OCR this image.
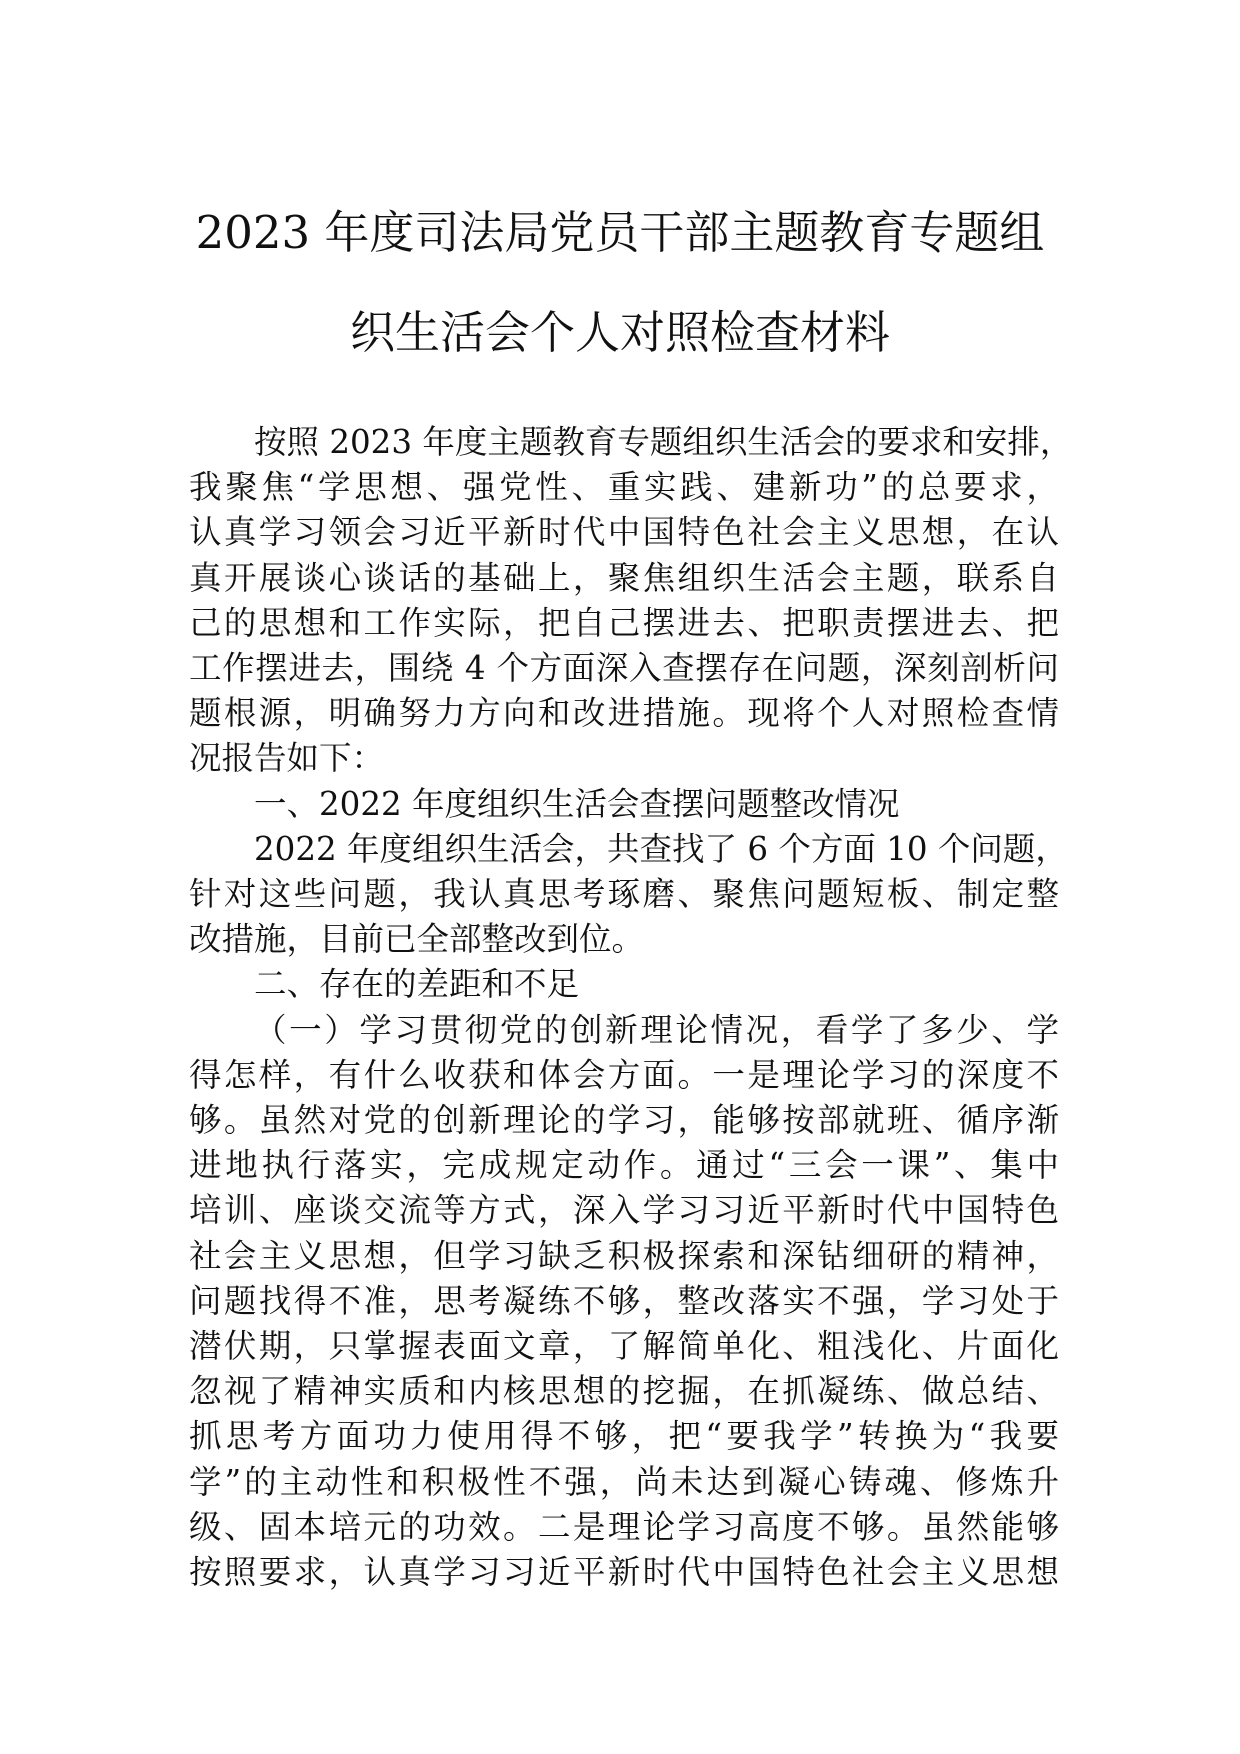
2023 年度司法局党员干部主题教育专题组
织生活会个人对照检查材料

按照 2023 年度主题教育专题组织生活会的要求和安排，
我聚焦“学思想、强党性、重实践、建新功”的总要求，
认真学习领会习近平新时代中国特色社会主义思想，在认
真开展谈心谈话的基础上，聚焦组织生活会主题，联系自
己的思想和工作实际，把自己摆进去、把职责摆进去、把
工作摆进去，围绕 4 个方面深入查摆存在问题，深刻剖析问
题根源，明确努力方向和改进措施。现将个人对照检查情
况报告如下：

一、2022 年度组织生活会查摆问题整改情况

2022 年度组织生活会，共查找了 6 个方面 10 个问题，
针对这些问题，我认真思考琢磨、聚焦问题短板、制定整
改措施，目前已全部整改到位。

二、存在的差距和不足

（一）学习贯彻党的创新理论情况，看学了多少、学
得怎样，有什么收获和体会方面。一是理论学习的深度不
够。虽然对党的创新理论的学习，能够按部就班、循序渐
进地执行落实，完成规定动作。通过“三会一课”、集中
培训、座谈交流等方式，深入学习习近平新时代中国特色
社会主义思想，但学习缺乏积极探索和深钻细研的精神，
问题找得不准，思考凝练不够，整改落实不强，学习处于
潜伏期，只掌握表面文章，了解简单化、粗浅化、片面化
忽视了精神实质和内核思想的挖掘，在抓凝练、做总结、
抓思考方面功力使用得不够，把“要我学”转换为“我要
学”的主动性和积极性不强，尚未达到凝心铸魂、修炼升
级、固本培元的功效。二是理论学习高度不够。虽然能够
按照要求，认真学习习近平新时代中国特色社会主义思想
